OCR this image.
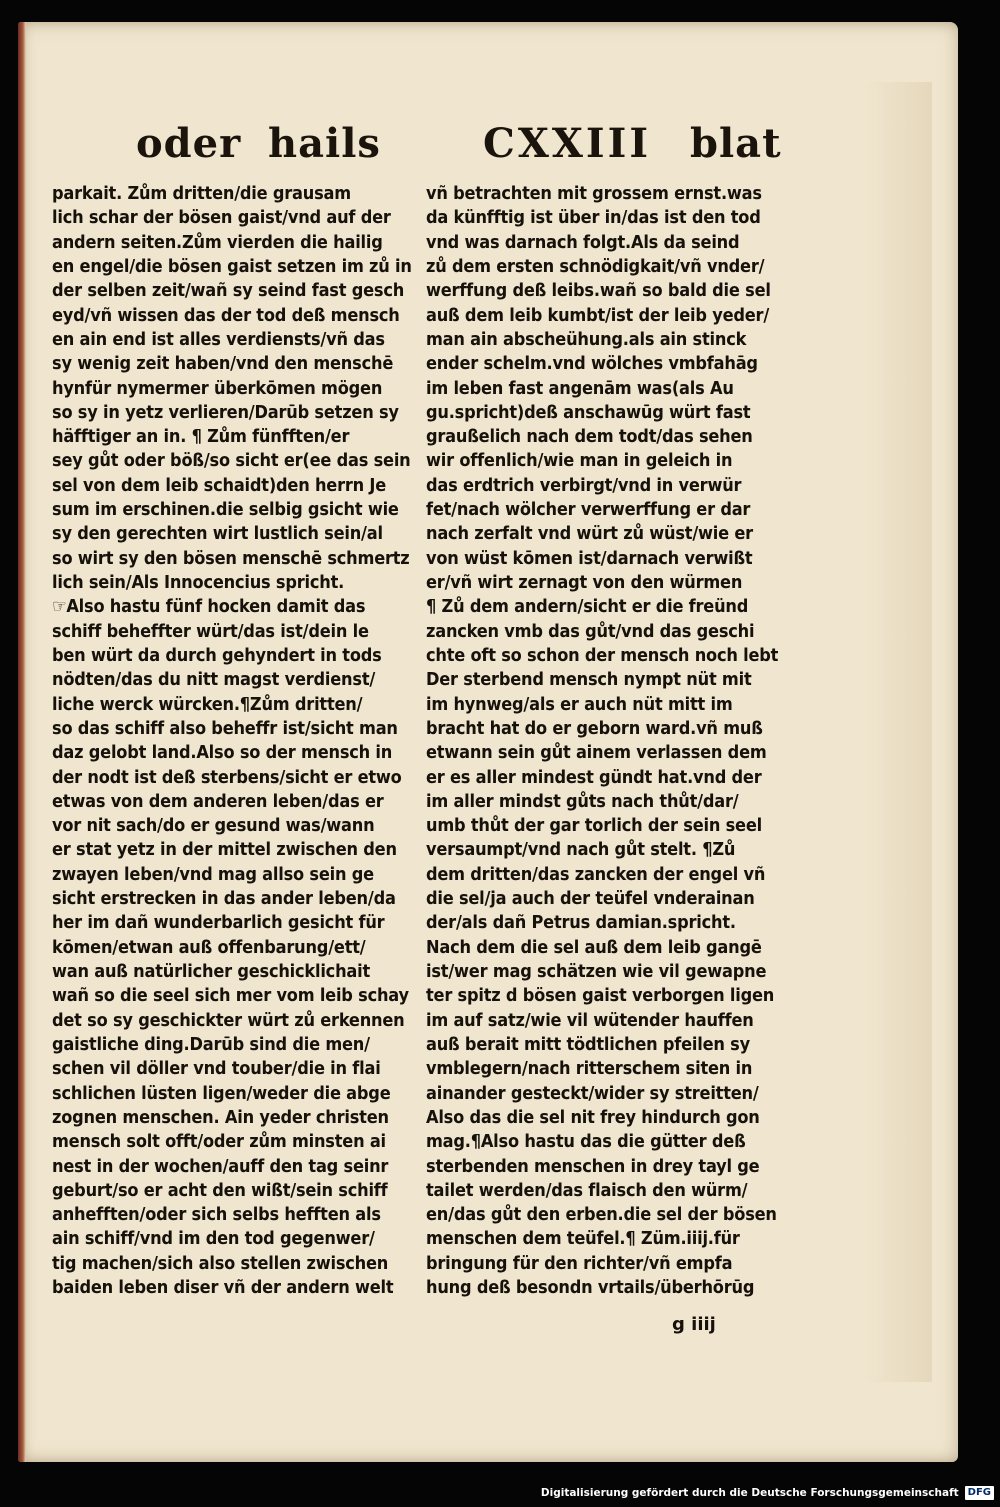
oder hails	CXXIII blat
parkait. Zům dritten/die grausam
lich schar der bösen gaist/vnd auf der
andern seiten.Zům vierden die hailig
en engel/die bösen gaist setzen im zů in
der selben zeit/wañ sy seind fast gesch
eyd/vñ wissen das der tod deß mensch
en ain end ist alles verdiensts/vñ das
sy wenig zeit haben/vnd den menschē
hynfür nymermer überkōmen mögen
so sy in yetz verlieren/Darūb setzen sy
häfftiger an in. ¶ Zům fünfften/er
sey gůt oder böß/so sicht er(ee das sein
sel von dem leib schaidt)den herrn Je
sum im erschinen.die selbig gsicht wie
sy den gerechten wirt lustlich sein/al
so wirt sy den bösen menschē schmertz
lich sein/Als Innocencius spricht.
☞Also hastu fünf hocken damit das
schiff beheffter würt/das ist/dein le
ben würt da durch gehyndert in tods
nödten/das du nitt magst verdienst/
liche werck würcken.¶Zům dritten/
so das schiff also beheffr ist/sicht man
daz gelobt land.Also so der mensch in
der nodt ist deß sterbens/sicht er etwo
etwas von dem anderen leben/das er
vor nit sach/do er gesund was/wann
er stat yetz in der mittel zwischen den
zwayen leben/vnd mag allso sein ge
sicht erstrecken in das ander leben/da
her im dañ wunderbarlich gesicht für
kōmen/etwan auß offenbarung/ett/
wan auß natürlicher geschicklichait
wañ so die seel sich mer vom leib schay
det so sy geschickter würt zů erkennen
gaistliche ding.Darūb sind die men/
schen vil döller vnd touber/die in flai
schlichen lüsten ligen/weder die abge
zognen menschen. Ain yeder christen
mensch solt offt/oder zům minsten ai
nest in der wochen/auff den tag seinr
geburt/so er acht den wißt/sein schiff
anhefften/oder sich selbs hefften als
ain schiff/vnd im den tod gegenwer/
tig machen/sich also stellen zwischen
baiden leben diser vñ der andern welt
vñ betrachten mit grossem ernst.was
da künfftig ist über in/das ist den tod
vnd was darnach folgt.Als da seind
zů dem ersten schnödigkait/vñ vnder/
werffung deß leibs.wañ so bald die sel
auß dem leib kumbt/ist der leib yeder/
man ain abscheühung.als ain stinck
ender schelm.vnd wölches vmbfahāg
im leben fast angenām was(als Au
gu.spricht)deß anschawūg würt fast
graußelich nach dem todt/das sehen
wir offenlich/wie man in geleich in
das erdtrich verbirgt/vnd in verwür
fet/nach wölcher verwerffung er dar
nach zerfalt vnd würt zů wüst/wie er
von wüst kōmen ist/darnach verwißt
er/vñ wirt zernagt von den würmen
¶ Zů dem andern/sicht er die freünd
zancken vmb das gůt/vnd das geschi
chte oft so schon der mensch noch lebt
Der sterbend mensch nympt nüt mit
im hynweg/als er auch nüt mitt im
bracht hat do er geborn ward.vñ muß
etwann sein gůt ainem verlassen dem
er es aller mindest gündt hat.vnd der
im aller mindst gůts nach thůt/dar/
umb thůt der gar torlich der sein seel
versaumpt/vnd nach gůt stelt. ¶Zů
dem dritten/das zancken der engel vñ
die sel/ja auch der teüfel vnderainan
der/als dañ Petrus damian.spricht.
Nach dem die sel auß dem leib gangē
ist/wer mag schätzen wie vil gewapne
ter spitz d bösen gaist verborgen ligen
im auf satz/wie vil wütender hauffen
auß berait mitt tödtlichen pfeilen sy
vmblegern/nach ritterschem siten in
ainander gesteckt/wider sy streitten/
Also das die sel nit frey hindurch gon
mag.¶Also hastu das die gütter deß
sterbenden menschen in drey tayl ge
tailet werden/das flaisch den würm/
en/das gůt den erben.die sel der bösen
menschen dem teüfel.¶ Züm.iiij.für
bringung für den richter/vñ empfa
hung deß besondn vrtails/überhōrūg
g iiij
Digitalisierung gefördert durch die Deutsche Forschungsgemeinschaft DFG
